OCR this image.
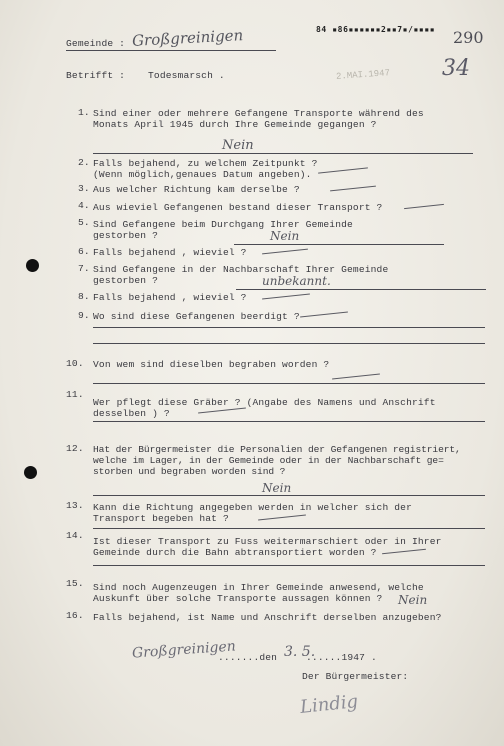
Gemeinde : Großgreinigen	84 ▪86▪▪▪▪▪▪2▪▪7▪/▪▪▪▪ 290
34
2.MAI.1947
Betrifft : Todesmarsch .
1. Sind einer oder mehrere Gefangene Transporte während des
Monats April 1945 durch Ihre Gemeinde gegangen ?
Nein
2. Falls bejahend, zu welchem Zeitpunkt ?
(Wenn möglich,genaues Datum angeben).
3. Aus welcher Richtung kam derselbe ?
4. Aus wieviel Gefangenen bestand dieser Transport ?
5. Sind Gefangene beim Durchgang Ihrer Gemeinde
gestorben ?	Nein
6. Falls bejahend , wieviel ?
7. Sind Gefangene in der Nachbarschaft Ihrer Gemeinde
gestorben ?	unbekannt.
8. Falls bejahend , wieviel ?
9. Wo sind diese Gefangenen beerdigt ?
10. Von wem sind dieselben begraben worden ?
11.
Wer pflegt diese Gräber ? (Angabe des Namens und Anschrift
desselben ) ?
12. Hat der Bürgermeister die Personalien der Gefangenen registriert,
welche im Lager, in der Gemeinde oder in der Nachbarschaft ge=
storben und begraben worden sind ?
Nein
13. Kann die Richtung angegeben werden in welcher sich der
Transport begeben hat ?
14.
Ist dieser Transport zu Fuss weitermarschiert oder in Ihrer
Gemeinde durch die Bahn abtransportiert worden ?
15. Sind noch Augenzeugen in Ihrer Gemeinde anwesend, welche
Auskunft über solche Transporte aussagen können ?	Nein
16. Falls bejahend, ist Name und Anschrift derselben anzugeben?
Großgreinigen
.......den 3. 5.
......1947 .
Der Bürgermeister:
Lindig
